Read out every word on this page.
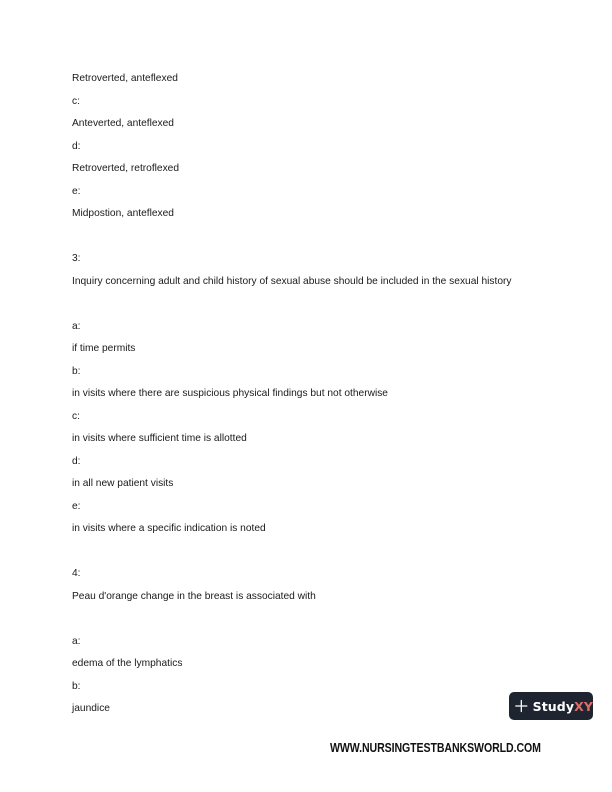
Retroverted, anteflexed
c:
Anteverted, anteflexed
d:
Retroverted, retroflexed
e:
Midpostion, anteflexed
3:
Inquiry concerning adult and child history of sexual abuse should be included in the sexual history
a:
if time permits
b:
in visits where there are suspicious physical findings but not otherwise
c:
in visits where sufficient time is allotted
d:
in all new patient visits
e:
in visits where a specific indication is noted
4:
Peau d'orange change in the breast is associated with
a:
edema of the lymphatics
b:
jaundice	StudyXY
WWW.NURSINGTESTBANKSWORLD.COM
